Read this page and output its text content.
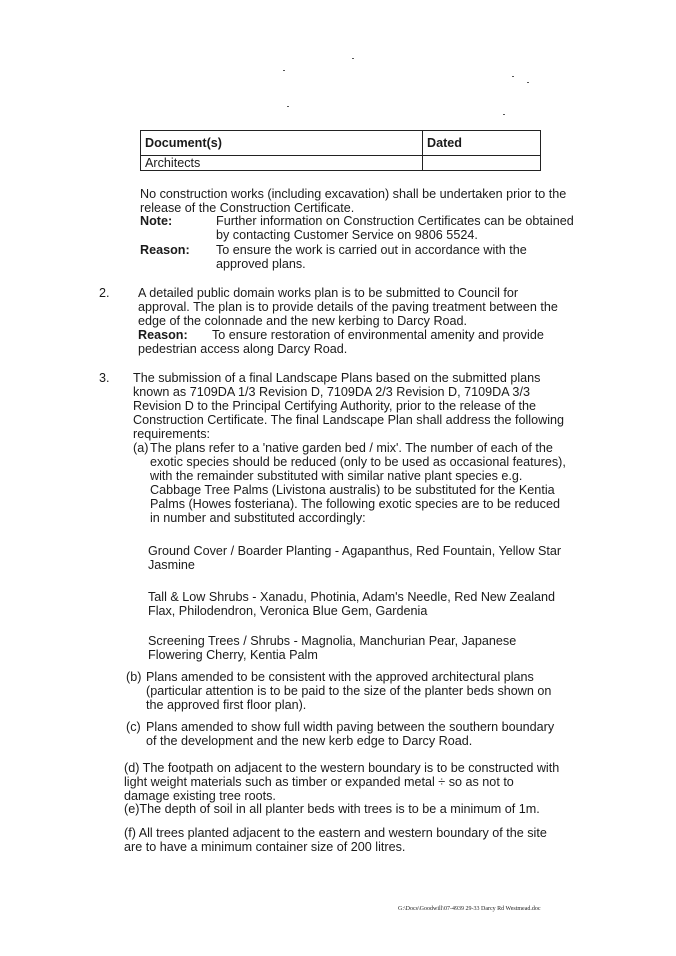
Document(s)	Dated
Architects	

No construction works (including excavation) shall be undertaken prior to the

release of the Construction Certificate.

Note:	Further information on Construction Certificates can be obtained

by contacting Customer Service on 9806 5524.

Reason: To ensure the work is carried out in accordance with the

approved plans.

2. A detailed public domain works plan is to be submitted to Council for

approval. The plan is to provide details of the paving treatment between the

edge of the colonnade and the new kerbing to Darcy Road.

Reason: To ensure restoration of environmental amenity and provide

pedestrian access along Darcy Road.

3. The submission of a final Landscape Plans based on the submitted plans

known as 7109DA 1/3 Revision D, 7109DA 2/3 Revision D, 7109DA 3/3

Revision D to the Principal Certifying Authority, prior to the release of the

Construction Certificate. The final Landscape Plan shall address the following

requirements:

(a) The plans refer to a 'native garden bed / mix'. The number of each of the

exotic species should be reduced (only to be used as occasional features),

with the remainder substituted with similar native plant species e.g.

Cabbage Tree Palms (Livistona australis) to be substituted for the Kentia

Palms (Howes fosteriana). The following exotic species are to be reduced

in number and substituted accordingly:

Ground Cover / Boarder Planting - Agapanthus, Red Fountain, Yellow Star

Jasmine

Tall & Low Shrubs - Xanadu, Photinia, Adam's Needle, Red New Zealand

Flax, Philodendron, Veronica Blue Gem, Gardenia

Screening Trees / Shrubs - Magnolia, Manchurian Pear, Japanese

Flowering Cherry, Kentia Palm

(b) Plans amended to be consistent with the approved architectural plans

(particular attention is to be paid to the size of the planter beds shown on

the approved first floor plan).

(c) Plans amended to show full width paving between the southern boundary

of the development and the new kerb edge to Darcy Road.

(d) The footpath on adjacent to the western boundary is to be constructed with

light weight materials such as timber or expanded metal ÷ so as not to

damage existing tree roots.

(e)The depth of soil in all planter beds with trees is to be a minimum of 1m.

(f) All trees planted adjacent to the eastern and western boundary of the site

are to have a minimum container size of 200 litres.

G:\Docs\Goodwill\07-4939 29-33 Darcy Rd Westmead.doc
